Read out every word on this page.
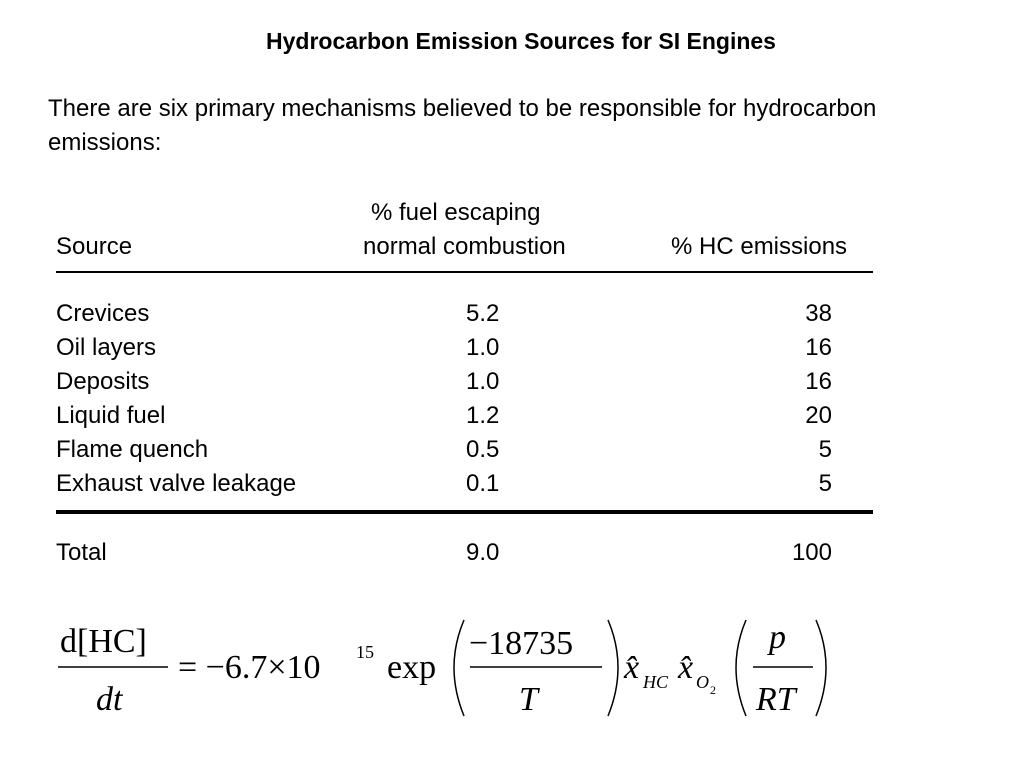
Hydrocarbon Emission Sources for SI Engines
There are six primary mechanisms believed to be responsible for hydrocarbon emissions:
% fuel escaping
Source	normal combustion	% HC emissions
Crevices	5.2	38
Oil layers	1.0	16
Deposits	1.0	16
Liquid fuel	1.2	20
Flame quench	0.5	5
Exhaust valve leakage	0.1	5
Total	9.0	100
d[HC]
dt
= −6.7×10 15 exp
−18735
T
x̂ HC x̂ O 2
p
RT
